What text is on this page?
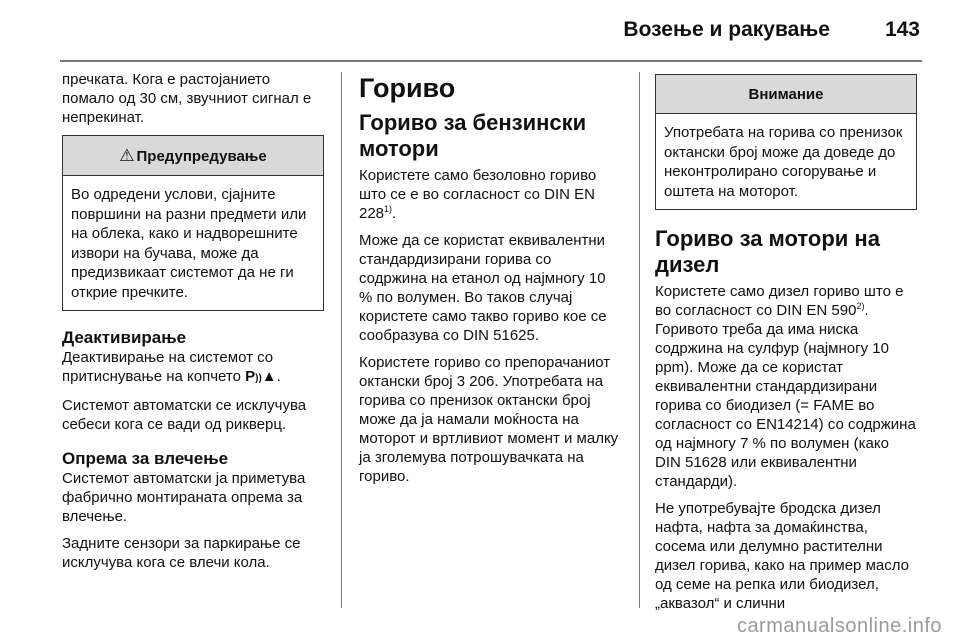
Возење и ракување	143

пречката. Кога е растојанието помало од 30 см, звучниот сигнал е непрекинат.

⚠ Предупредување
Во одредени услови, сјајните површини на разни предмети или на облека, како и надворешните извори на бучава, може да предизвикаат системот да не ги открие пречките.
Деактивирање

Деактивирање на системот со притиснување на копчето P))▲.

Системот автоматски се исклучува себеси кога се вади од рикверц.

Опрема за влечење

Системот автоматски ја приметува фабрично монтираната опрема за влечење.

Задните сензори за паркирање се исклучува кога се влечи кола.

Гориво
Гориво за бензински мотори

Користете само безоловно гориво што се е во согласност со DIN EN 228$^{1)}$.

Може да се користат еквивалентни стандардизирани горива со содржина на етанол од најмногу 10 % по волумен. Во таков случај користете само такво гориво кое се сообразува со DIN 51625.

Користете гориво со препорачаниот октански број 3 206. Употребата на горива со пренизок октански број може да ја намали моќноста на моторот и вртливиот момент и малку ја зголемува потрошувачката на гориво.

Внимание
Употребата на горива со пренизок октански број може да доведе до неконтролирано согорување и оштета на моторот.
Гориво за мотори на дизел

Користете само дизел гориво што е во согласност со DIN EN 590$^{2)}$. Горивото треба да има ниска содржина на сулфур (најмногу 10 ppm). Може да се користат еквивалентни стандардизирани горива со биодизел (= FAME во согласност со EN14214) со содржина од најмногу 7 % по волумен (како DIN 51628 или еквивалентни стандарди).

Не употребувајте бродска дизел нафта, нафта за домаќинства, сосема или делумно растителни дизел горива, како на пример масло од семе на репка или биодизел, „аквазол“ и слични

carmanualsonline.info
